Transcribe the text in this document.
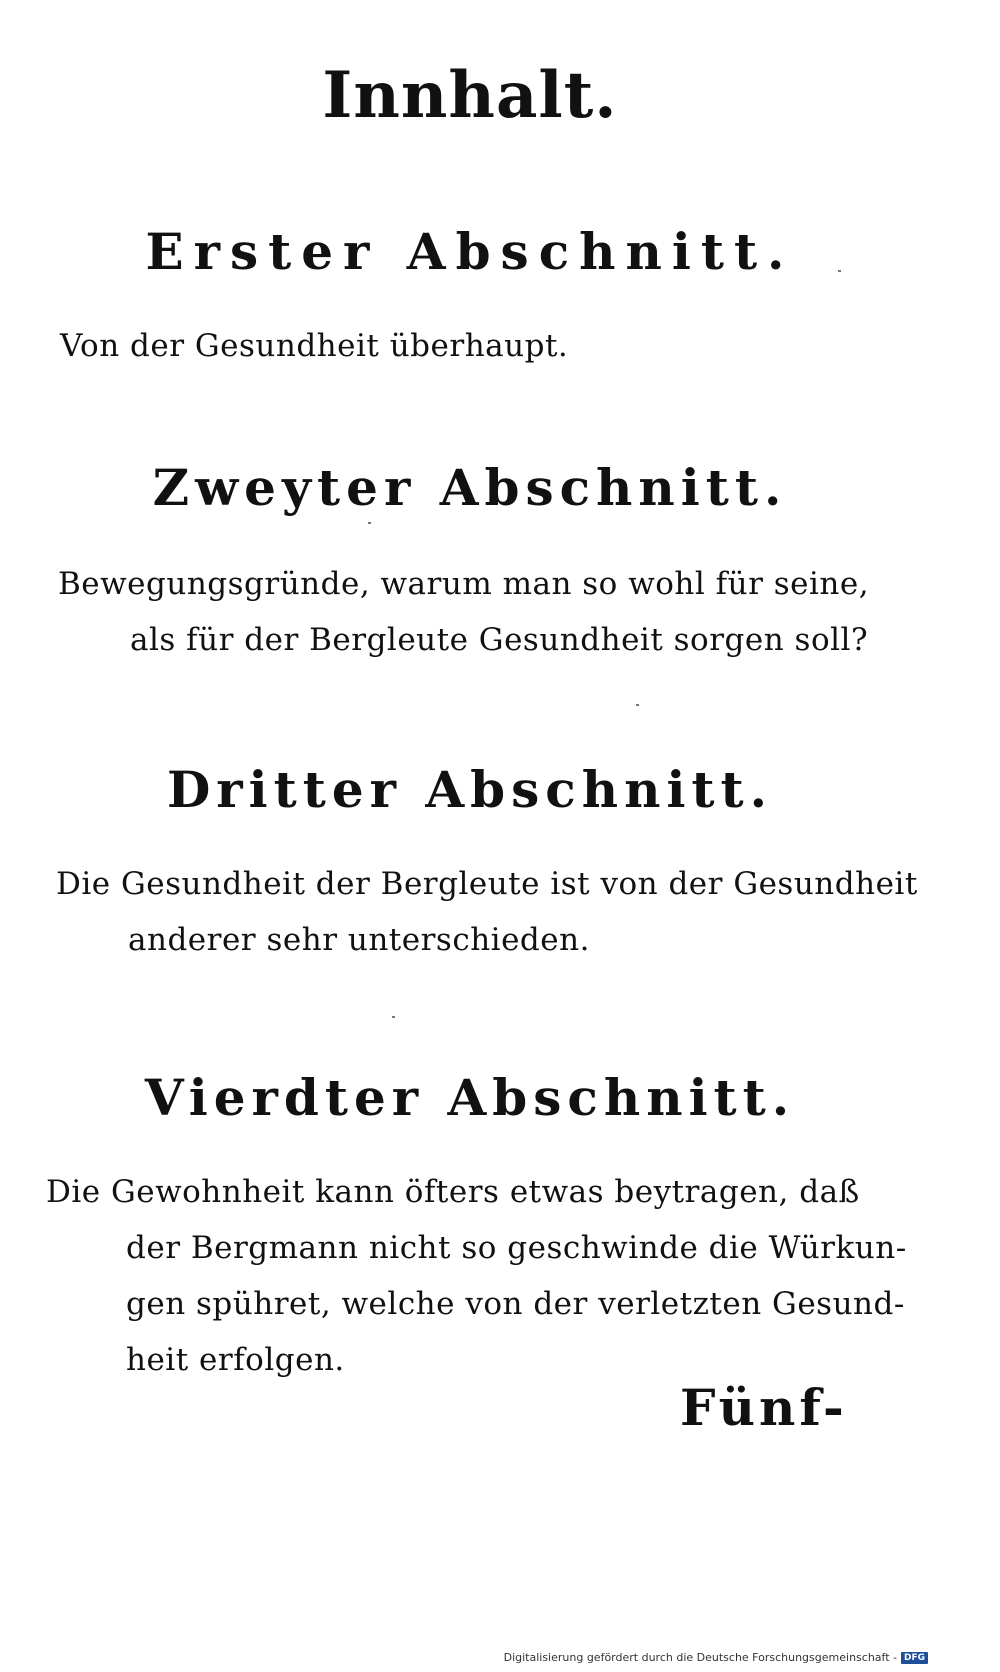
Innhalt.
Erster Abschnitt.
Von der Gesundheit überhaupt.
Zweyter Abschnitt.
Bewegungsgründe, warum man so wohl für seine,
als für der Bergleute Gesundheit sorgen soll?
Dritter Abschnitt.
Die Gesundheit der Bergleute ist von der Gesundheit
anderer sehr unterschieden.
Vierdter Abschnitt.
Die Gewohnheit kann öfters etwas beytragen, daß
der Bergmann nicht so geschwinde die Würkun-
gen spühret, welche von der verletzten Gesund-
heit erfolgen.
Fünf-
Digitalisierung gefördert durch die Deutsche Forschungsgemeinschaft - DFG
